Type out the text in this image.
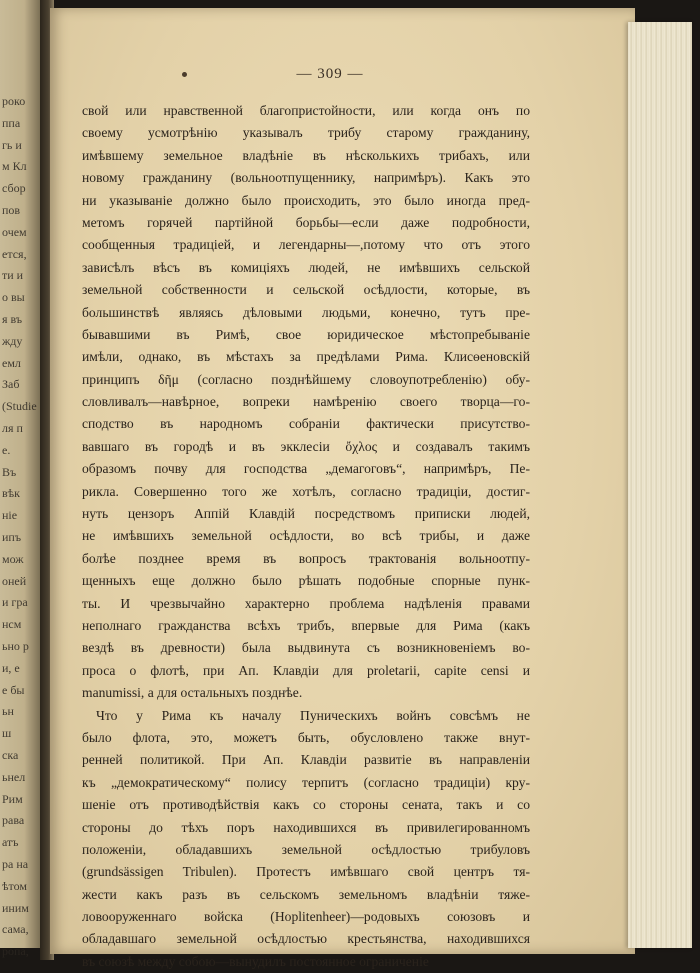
роко
ппа
гь и
м Кл
сбор
пов
очем
ется,
ти и
о вы
я въ
жду
емл
Заб
(Studie
ля п
е.
Въ
вѣк
ніе
ипъ
мож
оней
и гра
нсм
ьно р
и, е
е бы
ьн
ш
ска
ьнел
Рим
рава
атъ
ра на
ѣтом
иним
сама,
ропа,
— 309 —
свой или нравственной благопристойности, или когда онъ по
своему усмотрѣнію указывалъ трибу старому гражданину,
имѣвшему земельное владѣніе въ нѣсколькихъ трибахъ, или
новому гражданину (вольноотпущеннику, напримѣръ). Какъ это
ни указываніе должно было происходить, это было иногда пред-
метомъ горячей партійной борьбы—если даже подробности,
сообщенныя традиціей, и легендарны—,потому что отъ этого
зависѣлъ вѣсъ въ комиціяхъ людей, не имѣвшихъ сельской
земельной собственности и сельской осѣдлости, которые, въ
большинствѣ являясь дѣловыми людьми, конечно, тутъ пре-
бывавшими въ Римѣ, свое юридическое мѣстопребываніе
имѣли, однако, въ мѣстахъ за предѣлами Рима. Клисѳеновскій
принципъ δῆμ (согласно позднѣйшему словоупотребленію) обу-
словливалъ—навѣрное, вопреки намѣренію своего творца—го-
сподство въ народномъ собраніи фактически присутство-
вавшаго въ городѣ и въ экклесіи ὄχλος и создавалъ такимъ
образомъ почву для господства „демагоговъ“, напримѣръ, Пе-
рикла. Совершенно того же хотѣлъ, согласно традиціи, достиг-
нуть цензоръ Аппій Клавдій посредствомъ приписки людей,
не имѣвшихъ земельной осѣдлости, во всѣ трибы, и даже
болѣе позднее время въ вопросъ трактованія вольноотпу-
щенныхъ еще должно было рѣшать подобные спорные пунк-
ты. И чрезвычайно характерно проблема надѣленія правами
неполнаго гражданства всѣхъ трибъ, впервые для Рима (какъ
вездѣ въ древности) была выдвинута съ возникновеніемъ во-
проса о флотѣ, при Ап. Клавдіи для proletarii, capite censi и
manumissi, а для остальныхъ позднѣе.
Что у Рима къ началу Пуническихъ войнъ совсѣмъ не
было флота, это, можетъ быть, обусловлено также внут-
ренней политикой. При Ап. Клавдіи развитіе въ направленіи
къ „демократическому“ полису терпитъ (согласно традиціи) кру-
шеніе отъ противодѣйствія какъ со стороны сената, такъ и со
стороны до тѣхъ поръ находившихся въ привилегированномъ
положеніи, обладавшихъ земельной осѣдлостью трибуловъ
(grundsässigen Tribulen). Протестъ имѣвшаго свой центръ тя-
жести какъ разъ въ сельскомъ земельномъ владѣніи тяже-
ловооруженнаго войска (Hoplitenheer)—родовыхъ союзовъ и
обладавшаго земельной осѣдлостью крестьянства, находившихся
въ союзѣ между собою—вынудилъ постоянное ограниченіе
